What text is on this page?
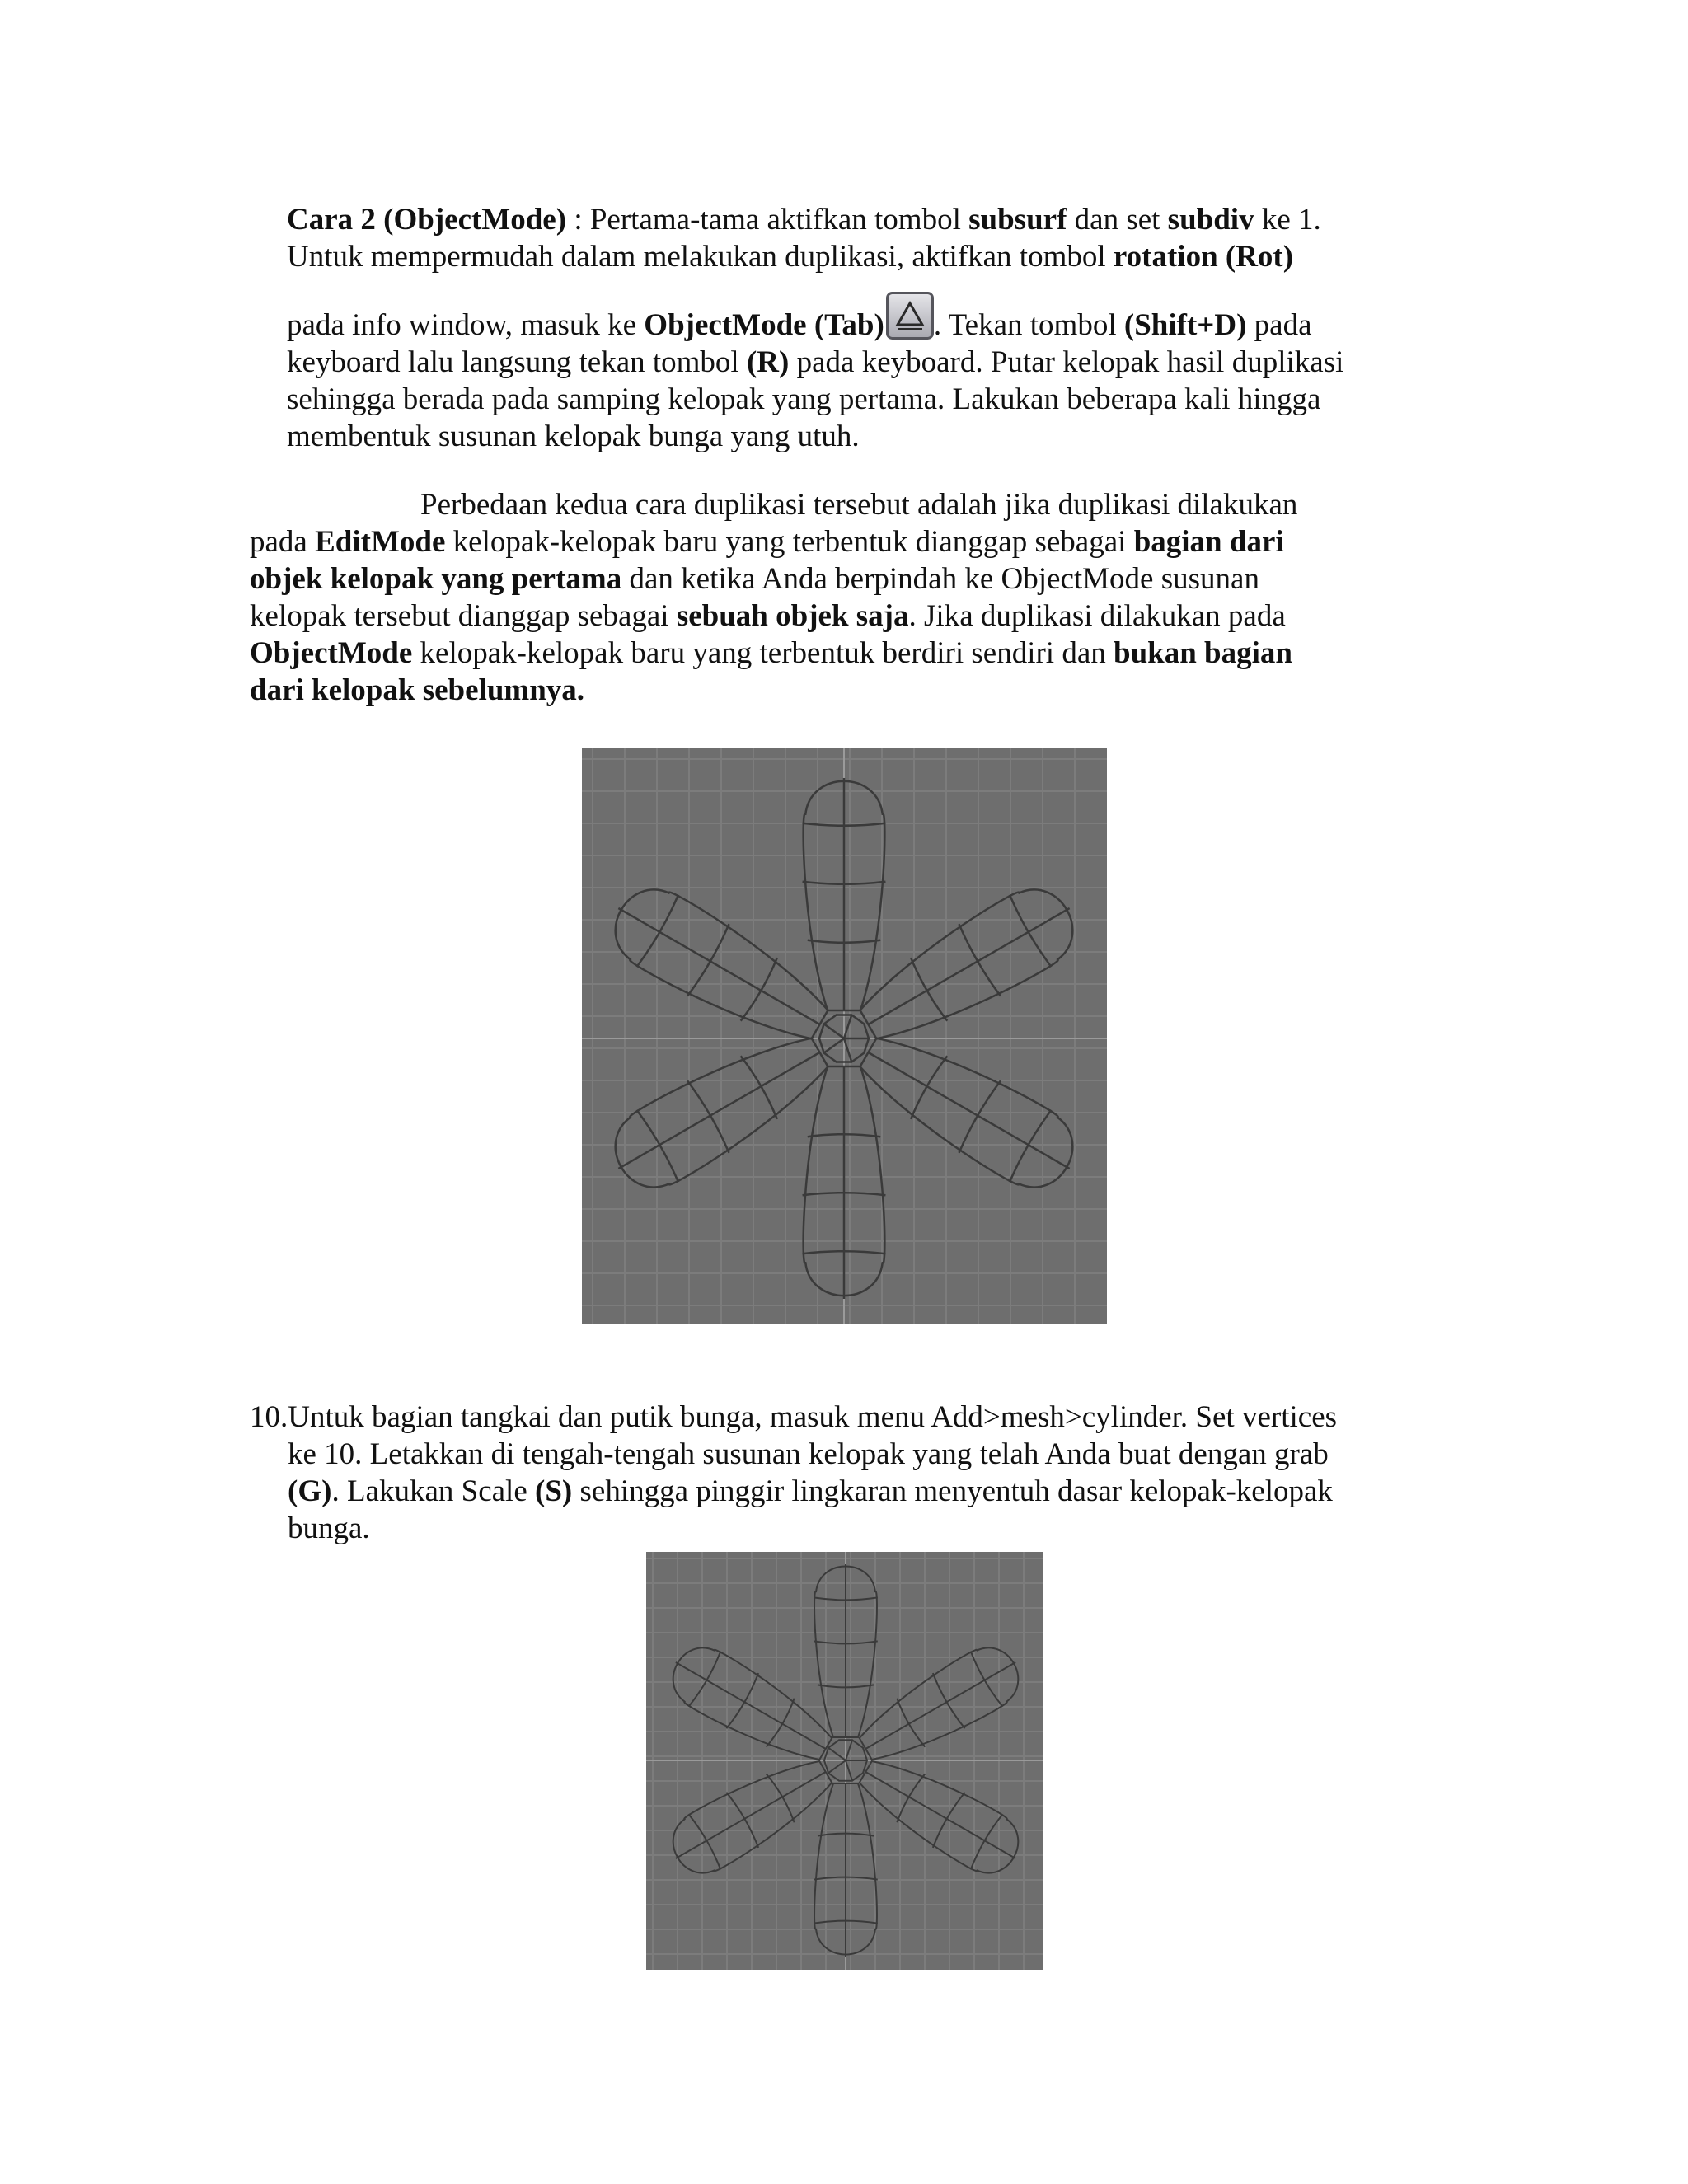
Cara 2 (ObjectMode) : Pertama-tama aktifkan tombol subsurf dan set subdiv ke 1.
Untuk mempermudah dalam melakukan duplikasi, aktifkan tombol rotation (Rot)
pada info window, masuk ke ObjectMode (Tab) . Tekan tombol (Shift+D) pada
keyboard lalu langsung tekan tombol (R) pada keyboard. Putar kelopak hasil duplikasi
sehingga berada pada samping kelopak yang pertama. Lakukan beberapa kali hingga
membentuk susunan kelopak bunga yang utuh.
Perbedaan kedua cara duplikasi tersebut adalah jika duplikasi dilakukan
pada EditMode kelopak-kelopak baru yang terbentuk dianggap sebagai bagian dari
objek kelopak yang pertama dan ketika Anda berpindah ke ObjectMode susunan
kelopak tersebut dianggap sebagai sebuah objek saja. Jika duplikasi dilakukan pada
ObjectMode kelopak-kelopak baru yang terbentuk berdiri sendiri dan bukan bagian
dari kelopak sebelumnya.
10.Untuk bagian tangkai dan putik bunga, masuk menu Add>mesh>cylinder. Set vertices
ke 10. Letakkan di tengah-tengah susunan kelopak yang telah Anda buat dengan grab
(G). Lakukan Scale (S) sehingga pinggir lingkaran menyentuh dasar kelopak-kelopak
bunga.
